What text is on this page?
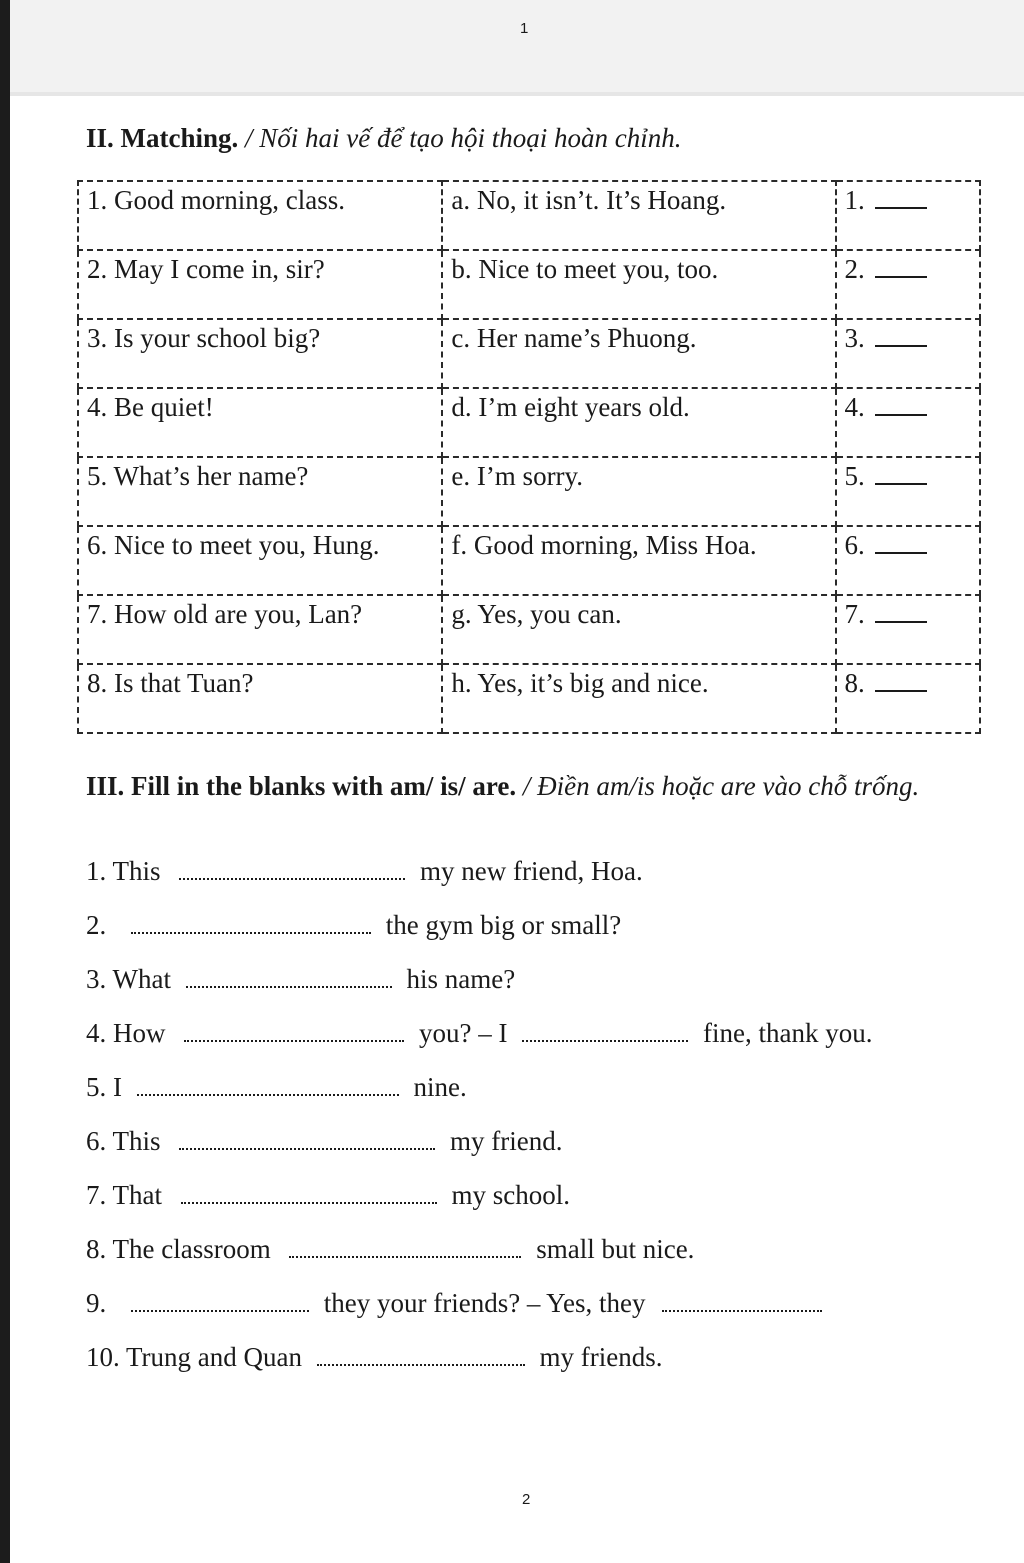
1
II. Matching. / Nối hai vế để tạo hội thoại hoàn chỉnh.
1. Good morning, class.	a. No, it isn’t. It’s Hoang.	1.
2. May I come in, sir?	b. Nice to meet you, too.	2.
3. Is your school big?	c. Her name’s Phuong.	3.
4. Be quiet!	d. I’m eight years old.	4.
5. What’s her name?	e. I’m sorry.	5.
6. Nice to meet you, Hung.	f. Good morning, Miss Hoa.	6.
7. How old are you, Lan?	g. Yes, you can.	7.
8. Is that Tuan?	h. Yes, it’s big and nice.	8.
III. Fill in the blanks with am/ is/ are. / Điền am/is hoặc are vào chỗ trống.
1. This	my new friend, Hoa.
2.	the gym big or small?
3. What	his name?
4. How	you? – I	fine, thank you.
5. I	nine.
6. This	my friend.
7. That	my school.
8. The classroom	small but nice.
9.	they your friends? – Yes, they
10. Trung and Quan	my friends.
2
